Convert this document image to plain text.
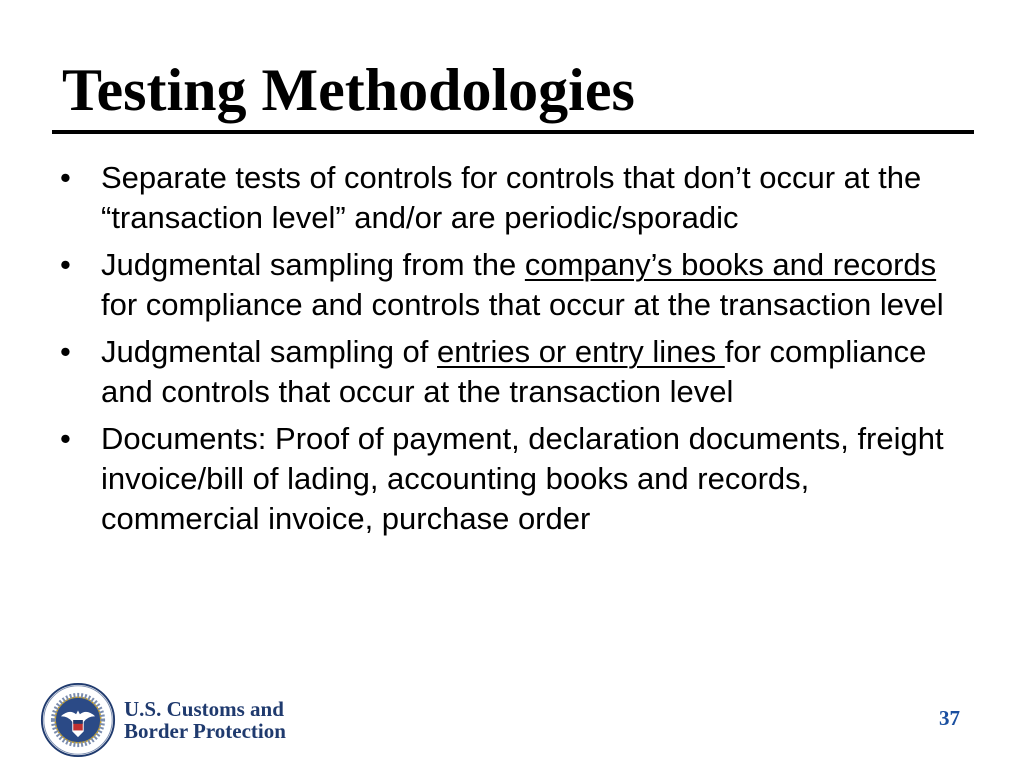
Testing Methodologies
• Separate tests of controls for controls that don’t occur at the “transaction level” and/or are periodic/sporadic
• Judgmental sampling from the company’s books and records for compliance and controls that occur at the transaction level
• Judgmental sampling of entries or entry lines for compliance and controls that occur at the transaction level
• Documents: Proof of payment, declaration documents, freight invoice/bill of lading, accounting books and records, commercial invoice, purchase order
U.S. Customs and
Border Protection
37
